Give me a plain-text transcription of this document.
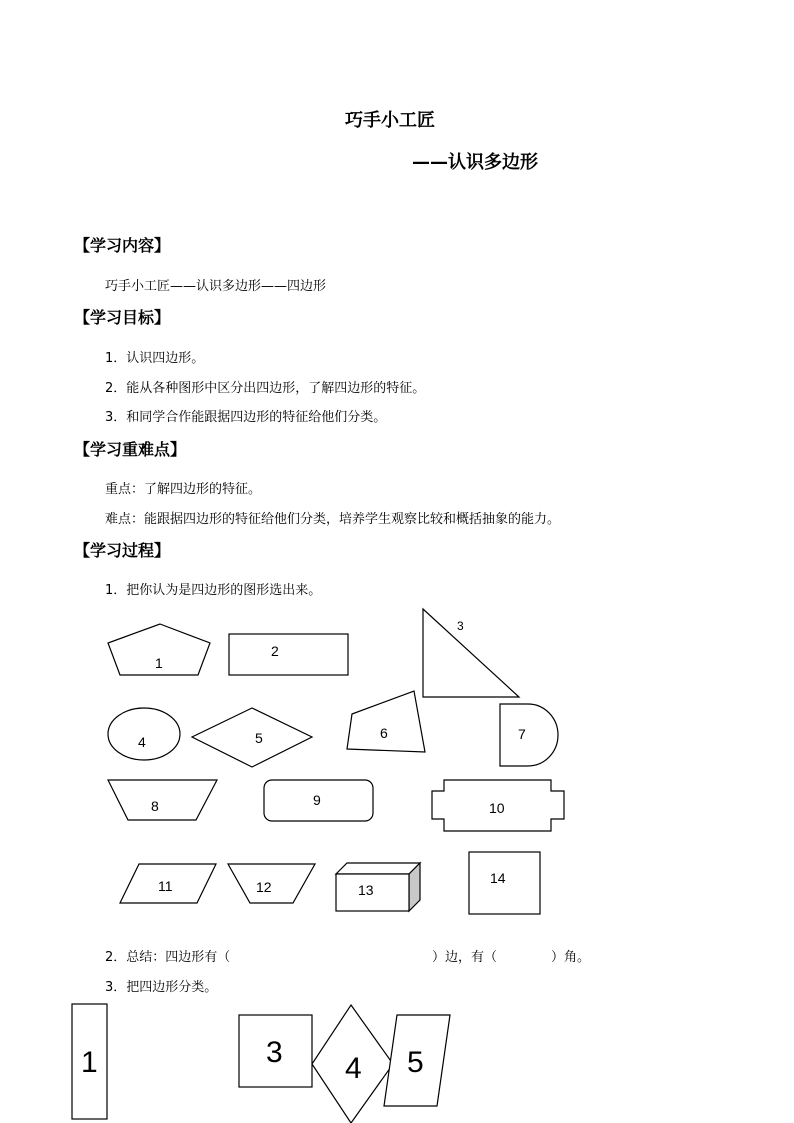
巧手小工匠
——认识多边形
【学习内容】
巧手小工匠——认识多边形——四边形
【学习目标】
1．认识四边形。
2．能从各种图形中区分出四边形，了解四边形的特征。
3．和同学合作能跟据四边形的特征给他们分类。
【学习重难点】
重点：了解四边形的特征。
难点：能跟据四边形的特征给他们分类，培养学生观察比较和概括抽象的能力。
【学习过程】
1．把你认为是四边形的图形选出来。
2．总结：四边形有（	）边，有（	）角。
3．把四边形分类。
1
2
3
4	5	6	7
8	9	10
11	12	13
14
1	3 4 5
